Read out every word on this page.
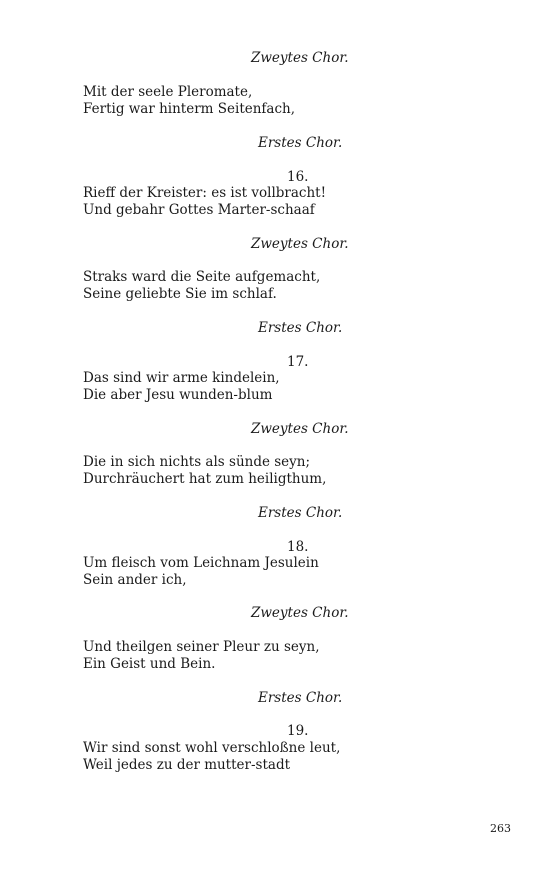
Zweytes Chor.
Mit der seele Pleromate,
Fertig war hinterm Seitenfach,
Erstes Chor.
16.
Rieff der Kreister: es ist vollbracht!
Und gebahr Gottes Marter-schaaf
Zweytes Chor.
Straks ward die Seite aufgemacht,
Seine geliebte Sie im schlaf.
Erstes Chor.
17.
Das sind wir arme kindelein,
Die aber Jesu wunden-blum
Zweytes Chor.
Die in sich nichts als sünde seyn;
Durchräuchert hat zum heiligthum,
Erstes Chor.
18.
Um fleisch vom Leichnam Jesulein
Sein ander ich,
Zweytes Chor.
Und theilgen seiner Pleur zu seyn,
Ein Geist und Bein.
Erstes Chor.
19.
Wir sind sonst wohl verschloßne leut,
Weil jedes zu der mutter-stadt
263
